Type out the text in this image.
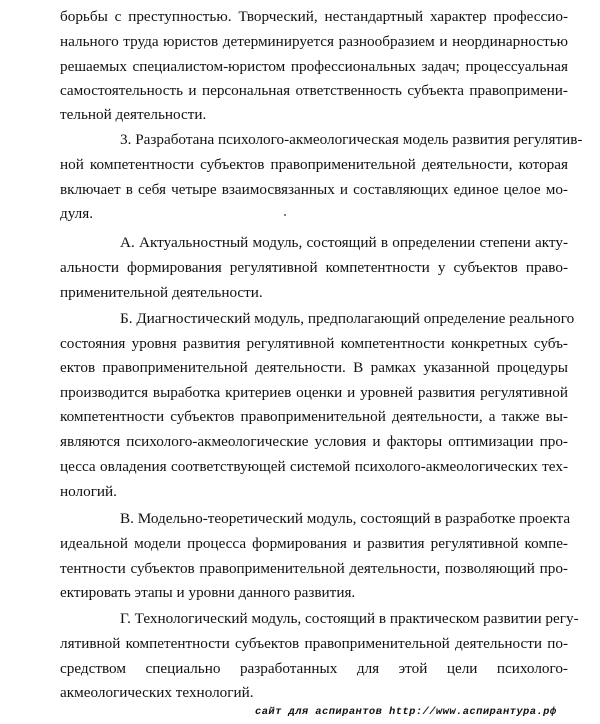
борьбы с преступностью. Творческий, нестандартный характер профессио-
нального труда юристов детерминируется разнообразием и неординарностью
решаемых специалистом-юристом профессиональных задач; процессуальная
самостоятельность и персональная ответственность субъекта правопримени-
тельной деятельности.
3. Разработана психолого-акмеологическая модель развития регулятив-
ной компетентности субъектов правоприменительной деятельности, которая
включает в себя четыре взаимосвязанных и составляющих единое целое мо-
дуля.
А. Актуальностный модуль, состоящий в определении степени акту-
альности формирования регулятивной компетентности у субъектов право-
применительной деятельности.
Б. Диагностический модуль, предполагающий определение реального
состояния уровня развития регулятивной компетентности конкретных субъ-
ектов правоприменительной деятельности. В рамках указанной процедуры
производится выработка критериев оценки и уровней развития регулятивной
компетентности субъектов правоприменительной деятельности, а также вы-
являются психолого-акмеологические условия и факторы оптимизации про-
цесса овладения соответствующей системой психолого-акмеологических тех-
нологий.
В. Модельно-теоретический модуль, состоящий в разработке проекта
идеальной модели процесса формирования и развития регулятивной компе-
тентности субъектов правоприменительной деятельности, позволяющий про-
ектировать этапы и уровни данного развития.
Г. Технологический модуль, состоящий в практическом развитии регу-
лятивной компетентности субъектов правоприменительной деятельности по-
средством специально разработанных для этой цели психолого-
акмеологических технологий.
сайт для аспирантов http://www.аспирантура.рф
